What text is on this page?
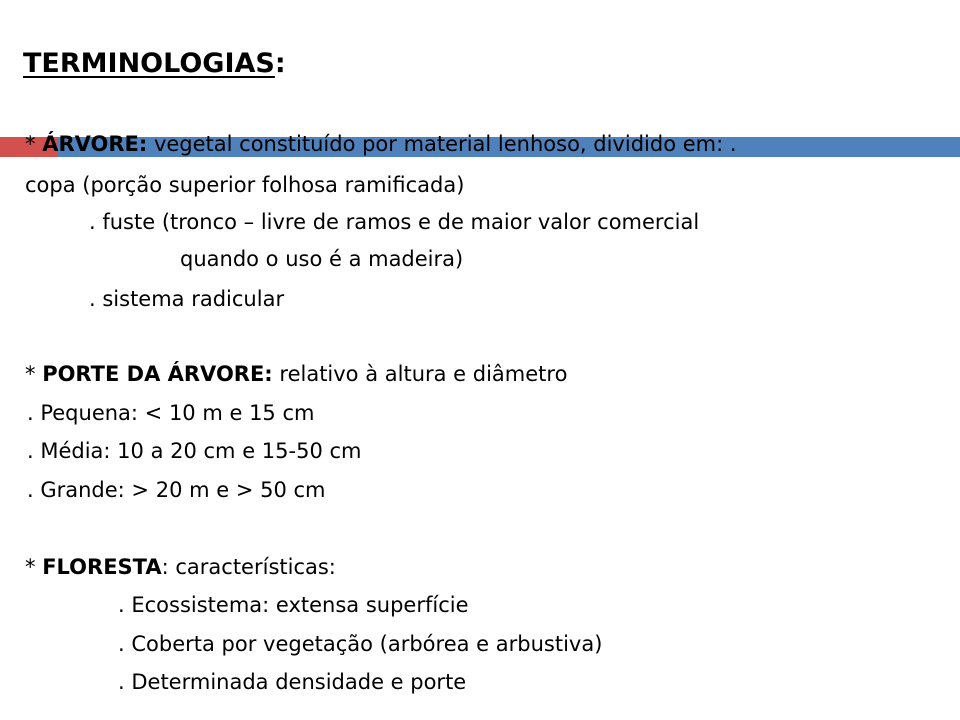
TERMINOLOGIAS:
* ÁRVORE: vegetal constituído por material lenhoso, dividido em: .
copa (porção superior folhosa ramificada)
. fuste (tronco – livre de ramos e de maior valor comercial
quando o uso é a madeira)
. sistema radicular
* PORTE DA ÁRVORE: relativo à altura e diâmetro
. Pequena: < 10 m e 15 cm
. Média: 10 a 20 cm e 15-50 cm
. Grande: > 20 m e > 50 cm
* FLORESTA: características:
. Ecossistema: extensa superfície
. Coberta por vegetação (arbórea e arbustiva)
. Determinada densidade e porte
